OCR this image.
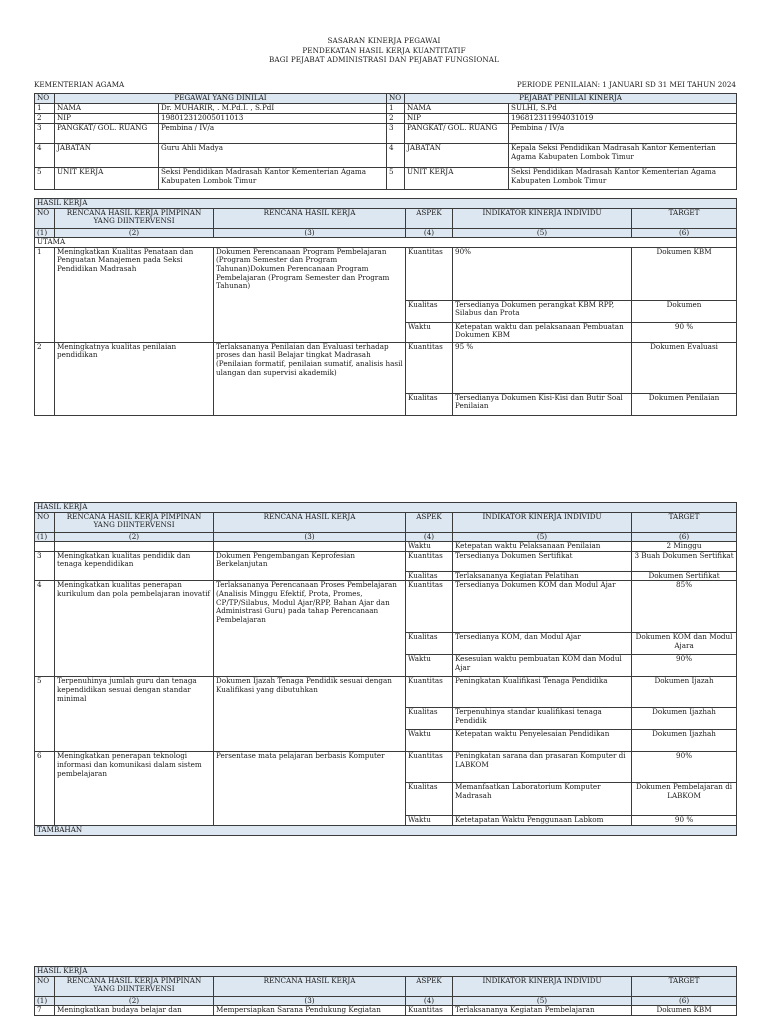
SASARAN KINERJA PEGAWAI
PENDEKATAN HASIL KERJA KUANTITATIF
BAGI PEJABAT ADMINISTRASI DAN PEJABAT FUNGSIONAL
KEMENTERIAN AGAMA	PERIODE PENILAIAN: 1 JANUARI SD 31 MEI TAHUN 2024
NO	PEGAWAI YANG DINILAI		NO	PEJABAT PENILAI KINERJA	
1	NAMA	Dr. MUHARIR, . M.Pd.I. , S.PdI	1	NAMA	SULHI, S.Pd
2	NIP	198012312005011013	2	NIP	196812311994031019
3	PANGKAT/ GOL. RUANG	Pembina / IV/a	3	PANGKAT/ GOL. RUANG	Pembina / IV/a
4	JABATAN	Guru Ahli Madya	4	JABATAN	Kepala Seksi Pendidikan Madrasah Kantor Kementerian Agama Kabupaten Lombok Timur
5	UNIT KERJA	Seksi Pendidikan Madrasah Kantor Kementerian Agama Kabupaten Lombok Timur	5	UNIT KERJA	Seksi Pendidikan Madrasah Kantor Kementerian Agama Kabupaten Lombok Timur
HASIL KERJA					
NO	RENCANA HASIL KERJA PIMPINAN YANG DIINTERVENSI	RENCANA HASIL KERJA	ASPEK	INDIKATOR KINERJA INDIVIDU	TARGET
(1)	(2)	(3)	(4)	(5)	(6)
UTAMA					
1	Meningkatkan Kualitas Penataan dan Penguatan Manajemen pada Seksi Pendidikan Madrasah	Dokumen Perencanaan Program Pembelajaran (Program Semester dan Program Tahunan)Dokumen Perencanaan Program Pembelajaran (Program Semester dan Program Tahunan)	Kuantitas	90%	Dokumen KBM
			Kualitas	Tersedianya Dokumen perangkat KBM RPP, Silabus dan Prota	Dokumen
			Waktu	Ketepatan waktu dan pelaksanaan Pembuatan Dokumen KBM	90 %
2	Meningkatnya kualitas penilaian pendidikan	Terlaksananya Penilaian dan Evaluasi terhadap proses dan hasil Belajar tingkat Madrasah (Penilaian formatif, penilaian sumatif, analisis hasil ulangan dan supervisi akademik)	Kuantitas	95 %	Dokumen Evaluasi
			Kualitas	Tersedianya Dokumen Kisi-Kisi dan Butir Soal Penilaian	Dokumen Penilaian
HASIL KERJA					
NO	RENCANA HASIL KERJA PIMPINAN YANG DIINTERVENSI	RENCANA HASIL KERJA	ASPEK	INDIKATOR KINERJA INDIVIDU	TARGET
(1)	(2)	(3)	(4)	(5)	(6)
			Waktu	Ketepatan waktu Pelaksanaan Penilaian	2 Minggu
3	Meningkatkan kualitas pendidik dan tenaga kependidikan	Dokumen Pengembangan Keprofesian Berkelanjutan	Kuantitas	Tersedianya Dokumen Sertifikat	3 Buah Dokumen Sertifikat
			Kualitas	Terlaksananya Kegiatan Pelatihan	Dokumen Sertifikat
4	Meningkatkan kualitas penerapan kurikulum dan pola pembelajaran inovatif	Terlaksananya Perencanaan Proses Pembelajaran (Analisis Minggu Efektif, Prota, Promes, CP/TP/Silabus, Modul Ajar/RPP, Bahan Ajar dan Administrasi Guru) pada tahap Perencanaan Pembelajaran	Kuantitas	Tersedianya Dokumen KOM dan Modul Ajar	85%
			Kualitas	Tersedianya KOM, dan Modul Ajar	Dokumen KOM dan Modul Ajara
			Waktu	Kesesuian waktu pembuatan KOM dan Modul Ajar	90%
5	Terpenuhinya jumlah guru dan tenaga kependidikan sesuai dengan standar minimal	Dokumen Ijazah Tenaga Pendidik sesuai dengan Kualifikasi yang dibutuhkan	Kuantitas	Peningkatan Kualifikasi Tenaga Pendidika	Dokumen Ijazah
			Kualitas	Terpenuhinya standar kualifikasi tenaga Pendidik	Dokumen Ijazhah
			Waktu	Ketepatan waktu Penyelesaian Pendidikan	Dokumen Ijazhah
6	Meningkatkan penerapan teknologi informasi dan komunikasi dalam sistem pembelajaran	Persentase mata pelajaran berbasis Komputer	Kuantitas	Peningkatan sarana dan prasaran Komputer di LABKOM	90%
			Kualitas	Memanfaatkan Laboratorium Komputer Madrasah	Dokumen Pembelajaran di LABKOM
			Waktu	Ketetapatan Waktu Penggunaan Labkom	90 %
TAMBAHAN					
HASIL KERJA					
NO	RENCANA HASIL KERJA PIMPINAN YANG DIINTERVENSI	RENCANA HASIL KERJA	ASPEK	INDIKATOR KINERJA INDIVIDU	TARGET
(1)	(2)	(3)	(4)	(5)	(6)
7	Meningkatkan budaya belajar dan	Mempersiapkan Sarana Pendukung Kegiatan	Kuantitas	Terlaksananya Kegiatan Pembelajaran	Dokumen KBM
